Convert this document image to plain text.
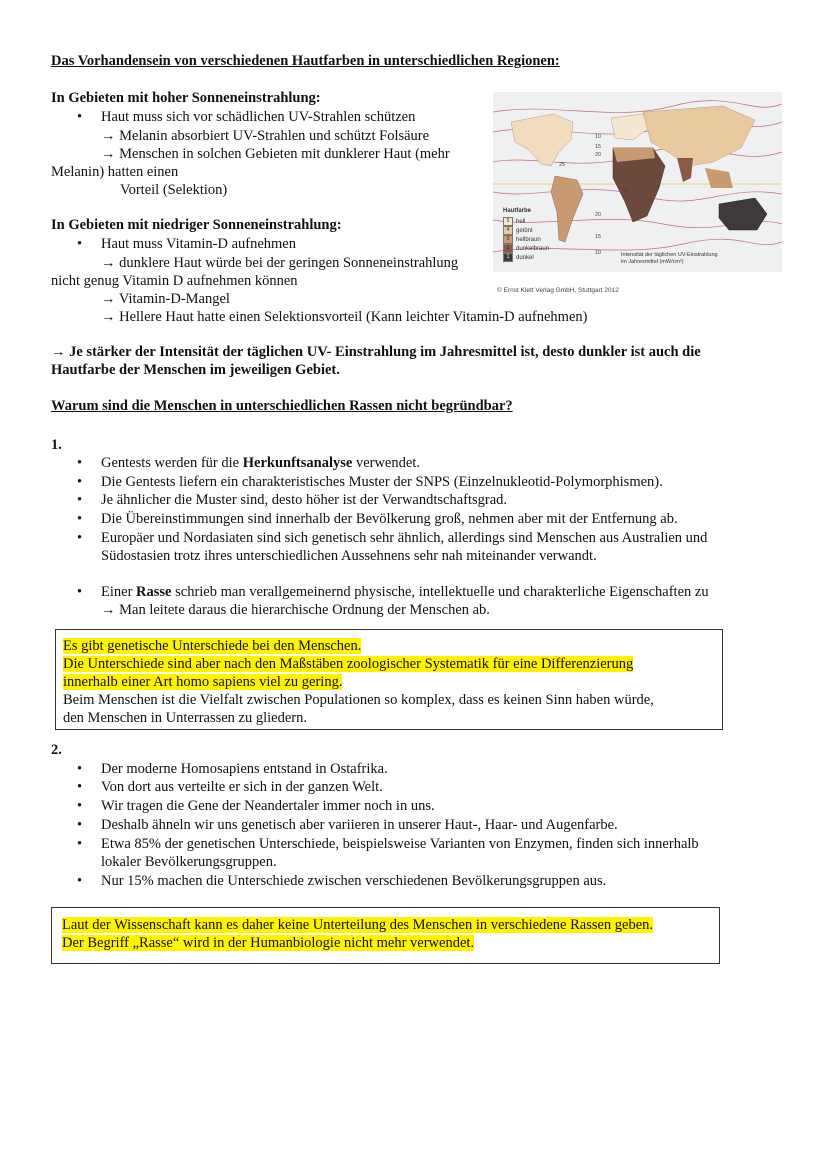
Das Vorhandensein von verschiedenen Hautfarben in unterschiedlichen Regionen:
In Gebieten mit hoher Sonneneinstrahlung:
• Haut muss sich vor schädlichen UV-Strahlen schützen
→ Melanin absorbiert UV-Strahlen und schützt Folsäure
→ Menschen in solchen Gebieten mit dunklerer Haut (mehr
Melanin) hatten einen
Vorteil (Selektion)
In Gebieten mit niedriger Sonneneinstrahlung:
• Haut muss Vitamin-D aufnehmen
→ dunklere Haut würde bei der geringen Sonneneinstrahlung
nicht genug Vitamin D aufnehmen können
→ Vitamin-D-Mangel
→ Hellere Haut hatte einen Selektionsvorteil (Kann leichter Vitamin-D aufnehmen)
10
15
20
25
15
20
15
10
Hautfarbe
5 hell
4 getönt
3 hellbraun
2 dunkelbraun
1 dunkel
Intensität der täglichen UV-Einstrahlung
im Jahresmittel (mW/cm²)
© Ernst Klett Verlag GmbH, Stuttgart 2012
→ Je stärker der Intensität der täglichen UV- Einstrahlung im Jahresmittel ist, desto dunkler ist auch die
Hautfarbe der Menschen im jeweiligen Gebiet.
Warum sind die Menschen in unterschiedlichen Rassen nicht begründbar?
1.
• Gentests werden für die Herkunftsanalyse verwendet.
• Die Gentests liefern ein charakteristisches Muster der SNPS (Einzelnukleotid-Polymorphismen).
• Je ähnlicher die Muster sind, desto höher ist der Verwandtschaftsgrad.
• Die Übereinstimmungen sind innerhalb der Bevölkerung groß, nehmen aber mit der Entfernung ab.
• Europäer und Nordasiaten sind sich genetisch sehr ähnlich, allerdings sind Menschen aus Australien und
Südostasien trotz ihres unterschiedlichen Aussehnens sehr nah miteinander verwandt.
• Einer Rasse schrieb man verallgemeinernd physische, intellektuelle und charakterliche Eigenschaften zu
→ Man leitete daraus die hierarchische Ordnung der Menschen ab.
Es gibt genetische Unterschiede bei den Menschen.
Die Unterschiede sind aber nach den Maßstäben zoologischer Systematik für eine Differenzierung
innerhalb einer Art homo sapiens viel zu gering.
Beim Menschen ist die Vielfalt zwischen Populationen so komplex, dass es keinen Sinn haben würde,
den Menschen in Unterrassen zu gliedern.
2.
• Der moderne Homosapiens entstand in Ostafrika.
• Von dort aus verteilte er sich in der ganzen Welt.
• Wir tragen die Gene der Neandertaler immer noch in uns.
• Deshalb ähneln wir uns genetisch aber variieren in unserer Haut-, Haar- und Augenfarbe.
• Etwa 85% der genetischen Unterschiede, beispielsweise Varianten von Enzymen, finden sich innerhalb
lokaler Bevölkerungsgruppen.
• Nur 15% machen die Unterschiede zwischen verschiedenen Bevölkerungsgruppen aus.
Laut der Wissenschaft kann es daher keine Unterteilung des Menschen in verschiedene Rassen geben.
Der Begriff „Rasse“ wird in der Humanbiologie nicht mehr verwendet.
